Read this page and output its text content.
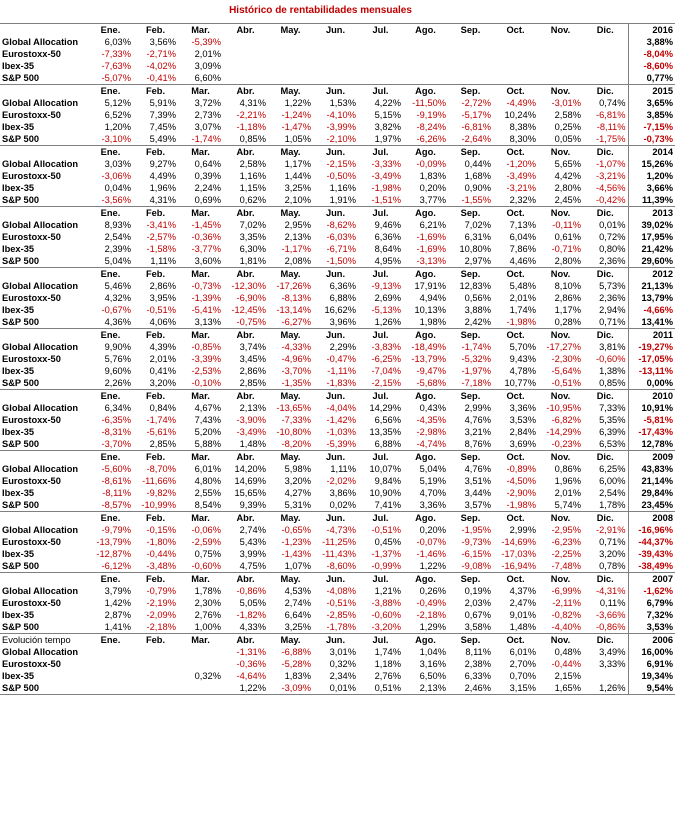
Histórico de rentabilidades mensuales
	Ene.	Feb.	Mar.	Abr.	May.	Jun.	Jul.	Ago.	Sep.	Oct.	Nov.	Dic.	2016
Global Allocation	6,03%	3,56%	-5,39%										3,88%
Eurostoxx-50	-7,33%	-2,71%	2,01%										-8,04%
Ibex-35	-7,63%	-4,02%	3,09%										-8,60%
S&P 500	-5,07%	-0,41%	6,60%										0,77%
	Ene.	Feb.	Mar.	Abr.	May.	Jun.	Jul.	Ago.	Sep.	Oct.	Nov.	Dic.	2015
Global Allocation	5,12%	5,91%	3,72%	4,31%	1,22%	1,53%	4,22%	-11,50%	-2,72%	-4,49%	-3,01%	0,74%	3,65%
Eurostoxx-50	6,52%	7,39%	2,73%	-2,21%	-1,24%	-4,10%	5,15%	-9,19%	-5,17%	10,24%	2,58%	-6,81%	3,85%
Ibex-35	1,20%	7,45%	3,07%	-1,18%	-1,47%	-3,99%	3,82%	-8,24%	-6,81%	8,38%	0,25%	-8,11%	-7,15%
S&P 500	-3,10%	5,49%	-1,74%	0,85%	1,05%	-2,10%	1,97%	-6,26%	-2,64%	8,30%	0,05%	-1,75%	-0,73%
	Ene.	Feb.	Mar.	Abr.	May.	Jun.	Jul.	Ago.	Sep.	Oct.	Nov.	Dic.	2014
Global Allocation	3,03%	9,27%	0,64%	2,58%	1,17%	-2,15%	-3,33%	-0,09%	0,44%	-1,20%	5,65%	-1,07%	15,26%
Eurostoxx-50	-3,06%	4,49%	0,39%	1,16%	1,44%	-0,50%	-3,49%	1,83%	1,68%	-3,49%	4,42%	-3,21%	1,20%
Ibex-35	0,04%	1,96%	2,24%	1,15%	3,25%	1,16%	-1,98%	0,20%	0,90%	-3,21%	2,80%	-4,56%	3,66%
S&P 500	-3,56%	4,31%	0,69%	0,62%	2,10%	1,91%	-1,51%	3,77%	-1,55%	2,32%	2,45%	-0,42%	11,39%
	Ene.	Feb.	Mar.	Abr.	May.	Jun.	Jul.	Ago.	Sep.	Oct.	Nov.	Dic.	2013
Global Allocation	8,93%	-3,41%	-1,45%	7,02%	2,95%	-8,62%	9,46%	6,21%	7,02%	7,13%	-0,11%	0,01%	39,02%
Eurostoxx-50	2,54%	-2,57%	-0,36%	3,35%	2,13%	-6,03%	6,36%	-1,69%	6,31%	6,04%	0,61%	0,72%	17,95%
Ibex-35	2,39%	-1,58%	-3,77%	6,30%	-1,17%	-6,71%	8,64%	-1,69%	10,80%	7,86%	-0,71%	0,80%	21,42%
S&P 500	5,04%	1,11%	3,60%	1,81%	2,08%	-1,50%	4,95%	-3,13%	2,97%	4,46%	2,80%	2,36%	29,60%
	Ene.	Feb.	Mar.	Abr.	May.	Jun.	Jul.	Ago.	Sep.	Oct.	Nov.	Dic.	2012
Global Allocation	5,46%	2,86%	-0,73%	-12,30%	-17,26%	6,36%	-9,13%	17,91%	12,83%	5,48%	8,10%	5,73%	21,13%
Eurostoxx-50	4,32%	3,95%	-1,39%	-6,90%	-8,13%	6,88%	2,69%	4,94%	0,56%	2,01%	2,86%	2,36%	13,79%
Ibex-35	-0,67%	-0,51%	-5,41%	-12,45%	-13,14%	16,62%	-5,13%	10,13%	3,88%	1,74%	1,17%	2,94%	-4,66%
S&P 500	4,36%	4,06%	3,13%	-0,75%	-6,27%	3,96%	1,26%	1,98%	2,42%	-1,98%	0,28%	0,71%	13,41%
	Ene.	Feb.	Mar.	Abr.	May.	Jun.	Jul.	Ago.	Sep.	Oct.	Nov.	Dic.	2011
Global Allocation	9,90%	4,39%	-0,85%	3,74%	-4,33%	2,29%	-3,83%	-18,49%	-1,74%	5,70%	-17,27%	3,81%	-19,27%
Eurostoxx-50	5,76%	2,01%	-3,39%	3,45%	-4,96%	-0,47%	-6,25%	-13,79%	-5,32%	9,43%	-2,30%	-0,60%	-17,05%
Ibex-35	9,60%	0,41%	-2,53%	2,86%	-3,70%	-1,11%	-7,04%	-9,47%	-1,97%	4,78%	-5,64%	1,38%	-13,11%
S&P 500	2,26%	3,20%	-0,10%	2,85%	-1,35%	-1,83%	-2,15%	-5,68%	-7,18%	10,77%	-0,51%	0,85%	0,00%
	Ene.	Feb.	Mar.	Abr.	May.	Jun.	Jul.	Ago.	Sep.	Oct.	Nov.	Dic.	2010
Global Allocation	6,34%	0,84%	4,67%	2,13%	-13,65%	-4,04%	14,29%	0,43%	2,99%	3,36%	-10,95%	7,33%	10,91%
Eurostoxx-50	-6,35%	-1,74%	7,43%	-3,90%	-7,33%	-1,42%	6,56%	-4,35%	4,76%	3,53%	-6,82%	5,35%	-5,81%
Ibex-35	-8,31%	-5,61%	5,20%	-3,49%	-10,80%	-1,03%	13,35%	-2,98%	3,21%	2,84%	-14,29%	6,39%	-17,43%
S&P 500	-3,70%	2,85%	5,88%	1,48%	-8,20%	-5,39%	6,88%	-4,74%	8,76%	3,69%	-0,23%	6,53%	12,78%
	Ene.	Feb.	Mar.	Abr.	May.	Jun.	Jul.	Ago.	Sep.	Oct.	Nov.	Dic.	2009
Global Allocation	-5,60%	-8,70%	6,01%	14,20%	5,98%	1,11%	10,07%	5,04%	4,76%	-0,89%	0,86%	6,25%	43,83%
Eurostoxx-50	-8,61%	-11,66%	4,80%	14,69%	3,20%	-2,02%	9,84%	5,19%	3,51%	-4,50%	1,96%	6,00%	21,14%
Ibex-35	-8,11%	-9,82%	2,55%	15,65%	4,27%	3,86%	10,90%	4,70%	3,44%	-2,90%	2,01%	2,54%	29,84%
S&P 500	-8,57%	-10,99%	8,54%	9,39%	5,31%	0,02%	7,41%	3,36%	3,57%	-1,98%	5,74%	1,78%	23,45%
	Ene.	Feb.	Mar.	Abr.	May.	Jun.	Jul.	Ago.	Sep.	Oct.	Nov.	Dic.	2008
Global Allocation	-9,79%	-0,15%	-0,06%	2,74%	-0,65%	-4,73%	-0,51%	0,20%	-1,95%	2,99%	-2,95%	-2,91%	-16,96%
Eurostoxx-50	-13,79%	-1,80%	-2,59%	5,43%	-1,23%	-11,25%	0,45%	-0,07%	-9,73%	-14,69%	-6,23%	0,71%	-44,37%
Ibex-35	-12,87%	-0,44%	0,75%	3,99%	-1,43%	-11,43%	-1,37%	-1,46%	-6,15%	-17,03%	-2,25%	3,20%	-39,43%
S&P 500	-6,12%	-3,48%	-0,60%	4,75%	1,07%	-8,60%	-0,99%	1,22%	-9,08%	-16,94%	-7,48%	0,78%	-38,49%
	Ene.	Feb.	Mar.	Abr.	May.	Jun.	Jul.	Ago.	Sep.	Oct.	Nov.	Dic.	2007
Global Allocation	3,79%	-0,79%	1,78%	-0,86%	4,53%	-4,08%	1,21%	0,26%	0,19%	4,37%	-6,99%	-4,31%	-1,62%
Eurostoxx-50	1,42%	-2,19%	2,30%	5,05%	2,74%	-0,51%	-3,88%	-0,49%	2,03%	2,47%	-2,11%	0,11%	6,79%
Ibex-35	2,87%	-2,09%	2,76%	-1,82%	6,64%	-2,85%	-0,60%	-2,18%	0,67%	9,01%	-0,82%	-3,66%	7,32%
S&P 500	1,41%	-2,18%	1,00%	4,33%	3,25%	-1,78%	-3,20%	1,29%	3,58%	1,48%	-4,40%	-0,86%	3,53%
Evolución tempo	Ene.	Feb.	Mar.	Abr.	May.	Jun.	Jul.	Ago.	Sep.	Oct.	Nov.	Dic.	2006
Global Allocation				-1,31%	-6,88%	3,01%	1,74%	1,04%	8,11%	6,01%	0,48%	3,49%	16,00%
Eurostoxx-50				-0,36%	-5,28%	0,32%	1,18%	3,16%	2,38%	2,70%	-0,44%	3,33%	6,91%
Ibex-35			0,32%	-4,64%	1,83%	2,34%	2,76%	6,50%	6,33%	0,70%	2,15%		19,34%
S&P 500				1,22%	-3,09%	0,01%	0,51%	2,13%	2,46%	3,15%	1,65%	1,26%	9,54%
